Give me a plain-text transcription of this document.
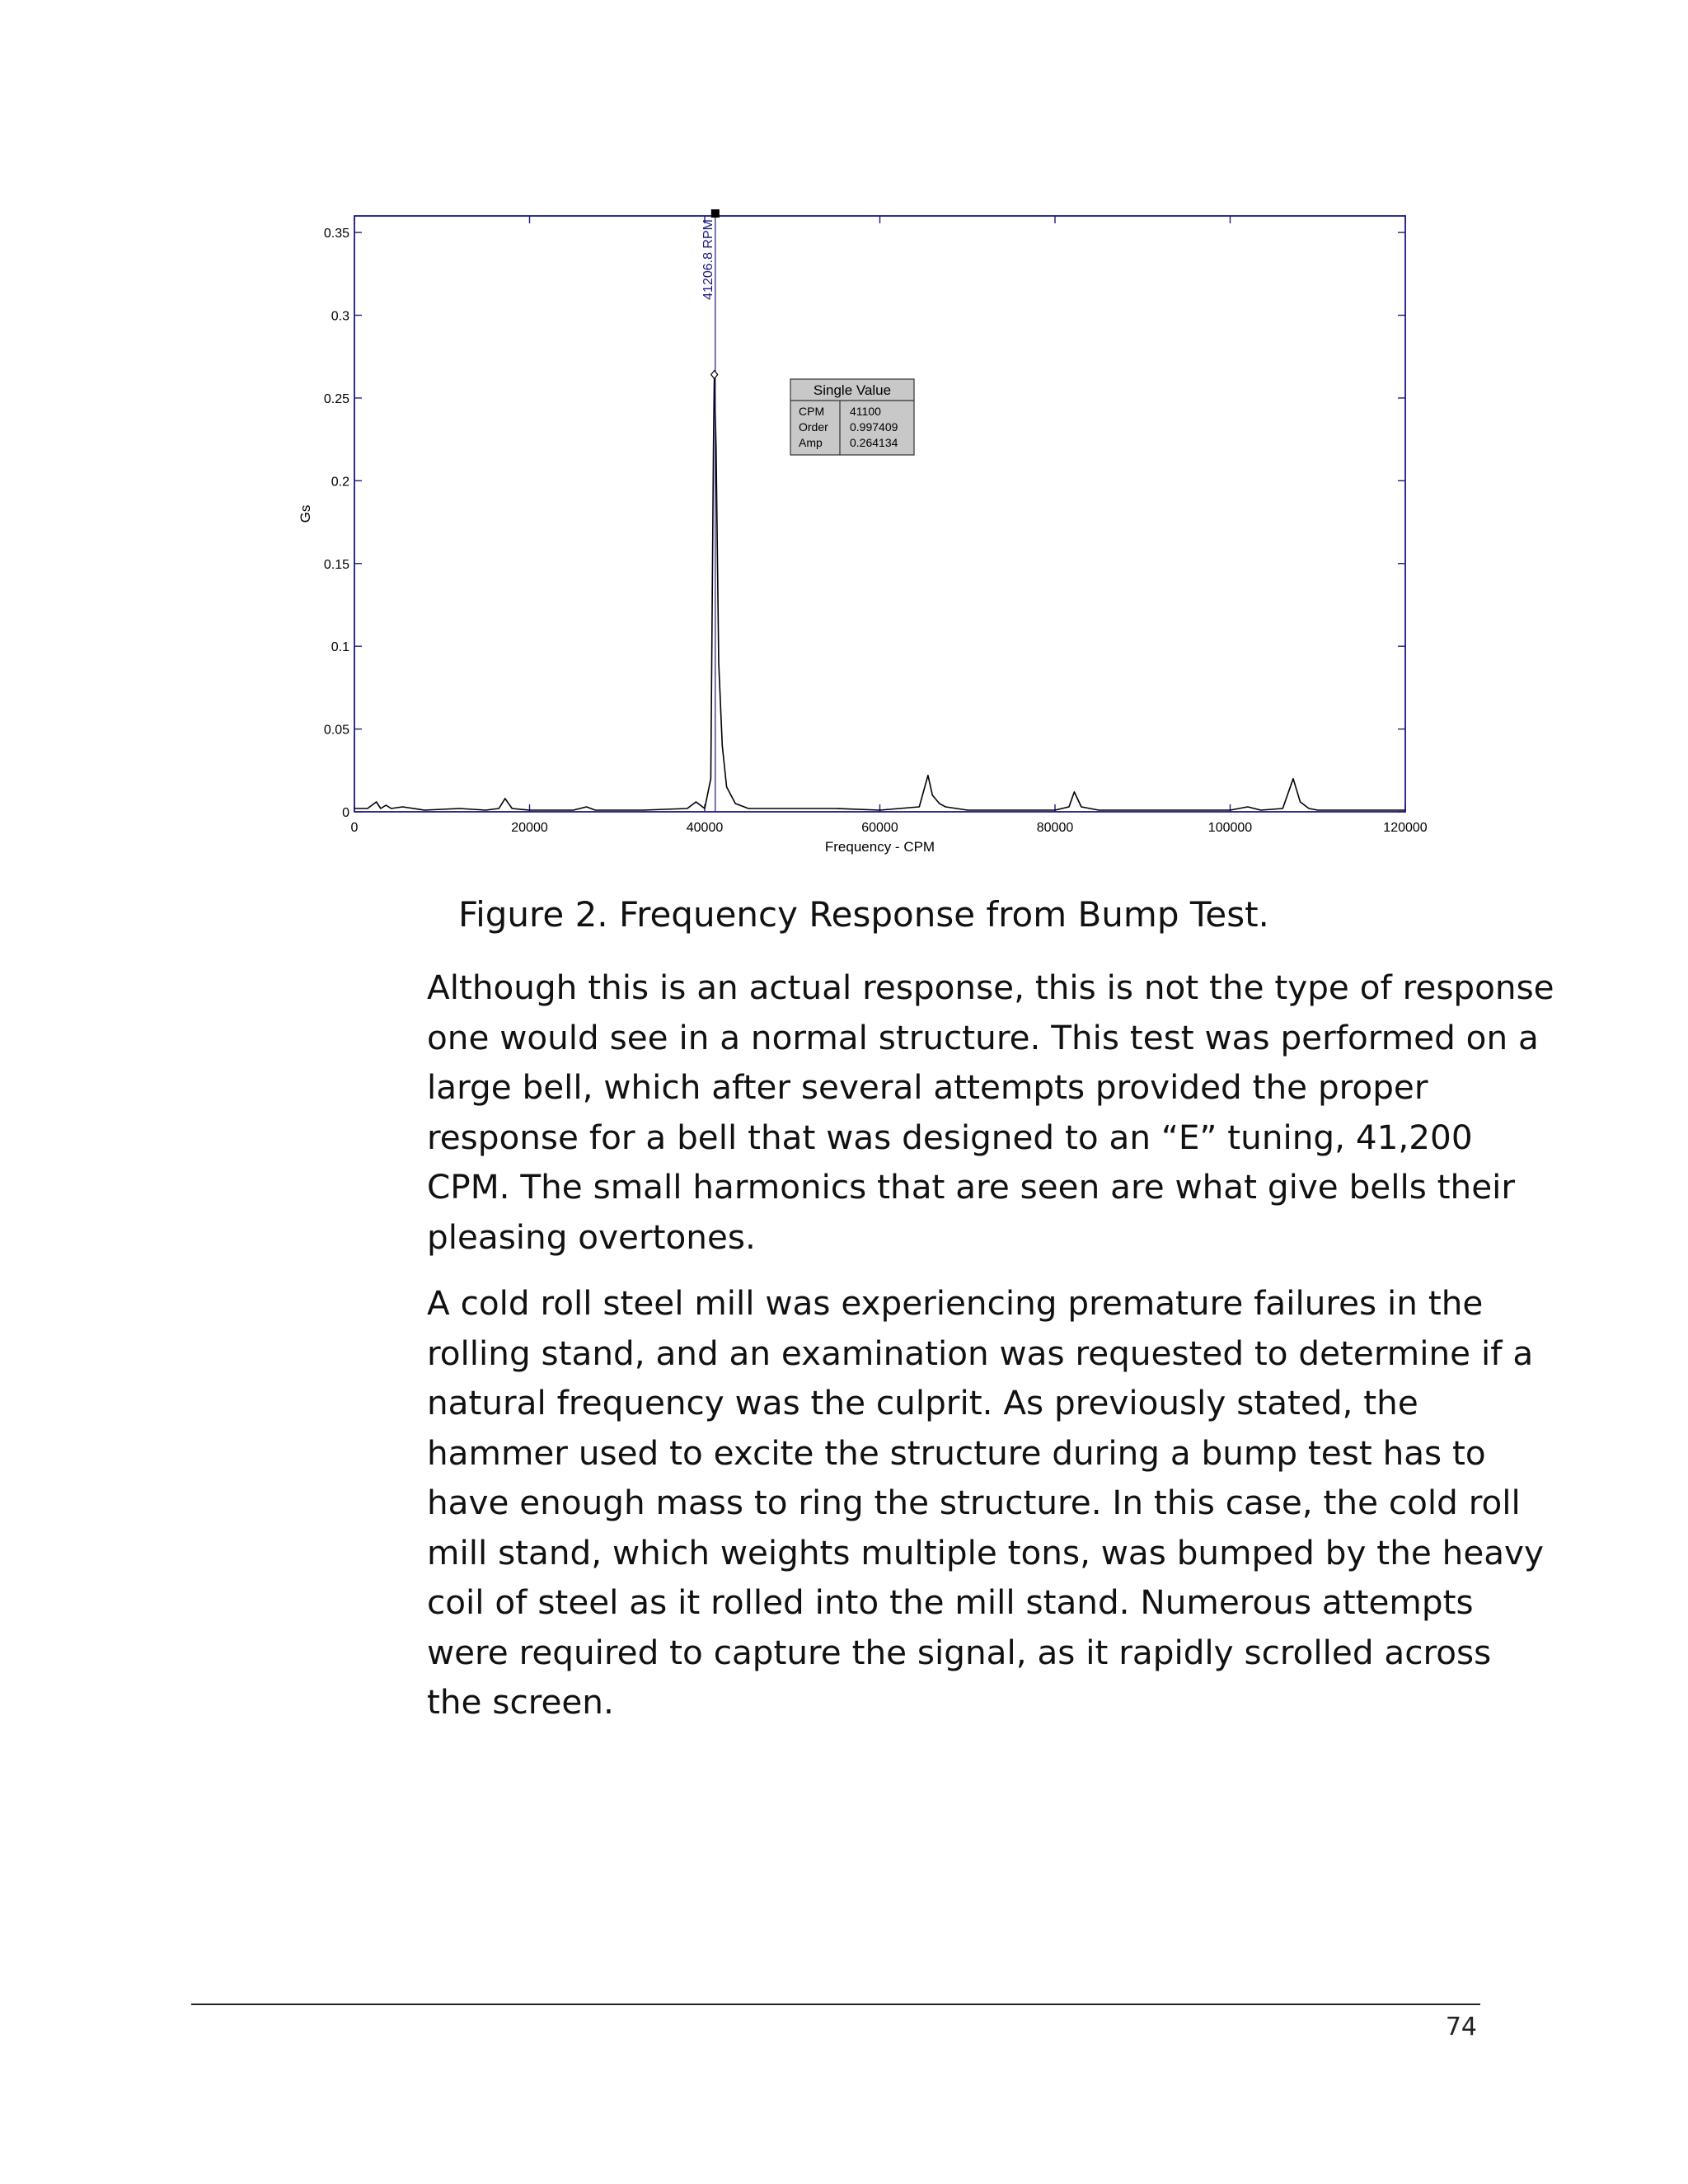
41206.8 RPM
Single Value
CPM 41100
Order 0.997409
Amp 0.264134
0	20000	40000	60000	80000	100000	120000
0
0.05
0.1
0.15
0.2
0.25
0.3
0.35
Frequency - CPM
Gs
Figure 2. Frequency Response from Bump Test.
Although this is an actual response, this is not the type of response
one would see in a normal structure. This test was performed on a
large bell, which after several attempts provided the proper
response for a bell that was designed to an “E” tuning, 41,200
CPM. The small harmonics that are seen are what give bells their
pleasing overtones.
A cold roll steel mill was experiencing premature failures in the
rolling stand, and an examination was requested to determine if a
natural frequency was the culprit. As previously stated, the
hammer used to excite the structure during a bump test has to
have enough mass to ring the structure. In this case, the cold roll
mill stand, which weights multiple tons, was bumped by the heavy
coil of steel as it rolled into the mill stand. Numerous attempts
were required to capture the signal, as it rapidly scrolled across
the screen.
74
